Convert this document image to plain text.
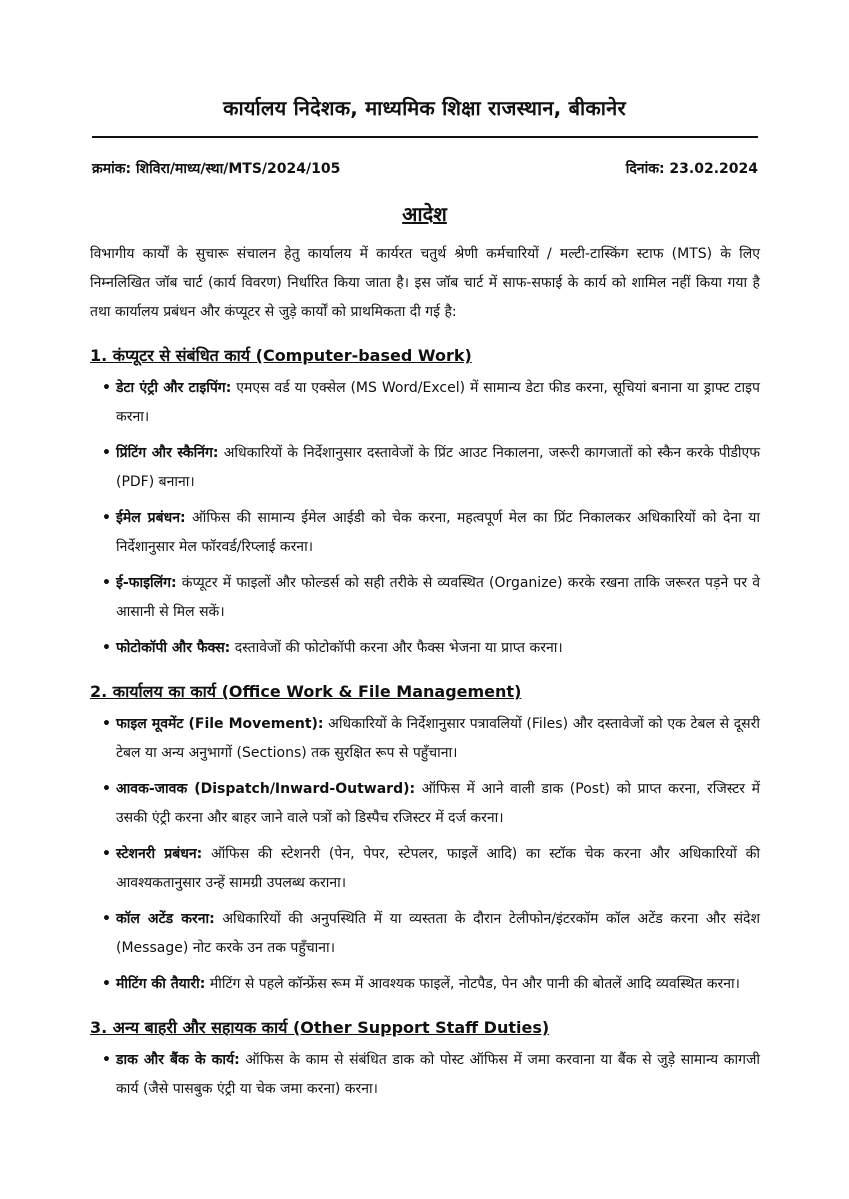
कार्यालय निदेशक, माध्यमिक शिक्षा राजस्थान, बीकानेर
क्रमांक: शिविरा/माध्य/स्था/MTS/2024/105	दिनांक: 23.02.2024
आदेश

विभागीय कार्यों के सुचारू संचालन हेतु कार्यालय में कार्यरत चतुर्थ श्रेणी कर्मचारियों / मल्टी-टास्किंग स्टाफ (MTS) के लिए निम्नलिखित जॉब चार्ट (कार्य विवरण) निर्धारित किया जाता है। इस जॉब चार्ट में साफ-सफाई के कार्य को शामिल नहीं किया गया है तथा कार्यालय प्रबंधन और कंप्यूटर से जुड़े कार्यों को प्राथमिकता दी गई है:

1. कंप्यूटर से संबंधित कार्य (Computer-based Work)
• डेटा एंट्री और टाइपिंग: एमएस वर्ड या एक्सेल (MS Word/Excel) में सामान्य डेटा फीड करना, सूचियां बनाना या ड्राफ्ट टाइप करना।
• प्रिंटिंग और स्कैनिंग: अधिकारियों के निर्देशानुसार दस्तावेजों के प्रिंट आउट निकालना, जरूरी कागजातों को स्कैन करके पीडीएफ (PDF) बनाना।
• ईमेल प्रबंधन: ऑफिस की सामान्य ईमेल आईडी को चेक करना, महत्वपूर्ण मेल का प्रिंट निकालकर अधिकारियों को देना या निर्देशानुसार मेल फॉरवर्ड/रिप्लाई करना।
• ई-फाइलिंग: कंप्यूटर में फाइलों और फोल्डर्स को सही तरीके से व्यवस्थित (Organize) करके रखना ताकि जरूरत पड़ने पर वे आसानी से मिल सकें।
• फोटोकॉपी और फैक्स: दस्तावेजों की फोटोकॉपी करना और फैक्स भेजना या प्राप्त करना।
2. कार्यालय का कार्य (Office Work & File Management)
• फाइल मूवमेंट (File Movement): अधिकारियों के निर्देशानुसार पत्रावलियों (Files) और दस्तावेजों को एक टेबल से दूसरी टेबल या अन्य अनुभागों (Sections) तक सुरक्षित रूप से पहुँचाना।
• आवक-जावक (Dispatch/Inward-Outward): ऑफिस में आने वाली डाक (Post) को प्राप्त करना, रजिस्टर में उसकी एंट्री करना और बाहर जाने वाले पत्रों को डिस्पैच रजिस्टर में दर्ज करना।
• स्टेशनरी प्रबंधन: ऑफिस की स्टेशनरी (पेन, पेपर, स्टेपलर, फाइलें आदि) का स्टॉक चेक करना और अधिकारियों की आवश्यकतानुसार उन्हें सामग्री उपलब्ध कराना।
• कॉल अटेंड करना: अधिकारियों की अनुपस्थिति में या व्यस्तता के दौरान टेलीफोन/इंटरकॉम कॉल अटेंड करना और संदेश (Message) नोट करके उन तक पहुँचाना।
• मीटिंग की तैयारी: मीटिंग से पहले कॉन्फ्रेंस रूम में आवश्यक फाइलें, नोटपैड, पेन और पानी की बोतलें आदि व्यवस्थित करना।
3. अन्य बाहरी और सहायक कार्य (Other Support Staff Duties)
• डाक और बैंक के कार्य: ऑफिस के काम से संबंधित डाक को पोस्ट ऑफिस में जमा करवाना या बैंक से जुड़े सामान्य कागजी कार्य (जैसे पासबुक एंट्री या चेक जमा करना) करना।
